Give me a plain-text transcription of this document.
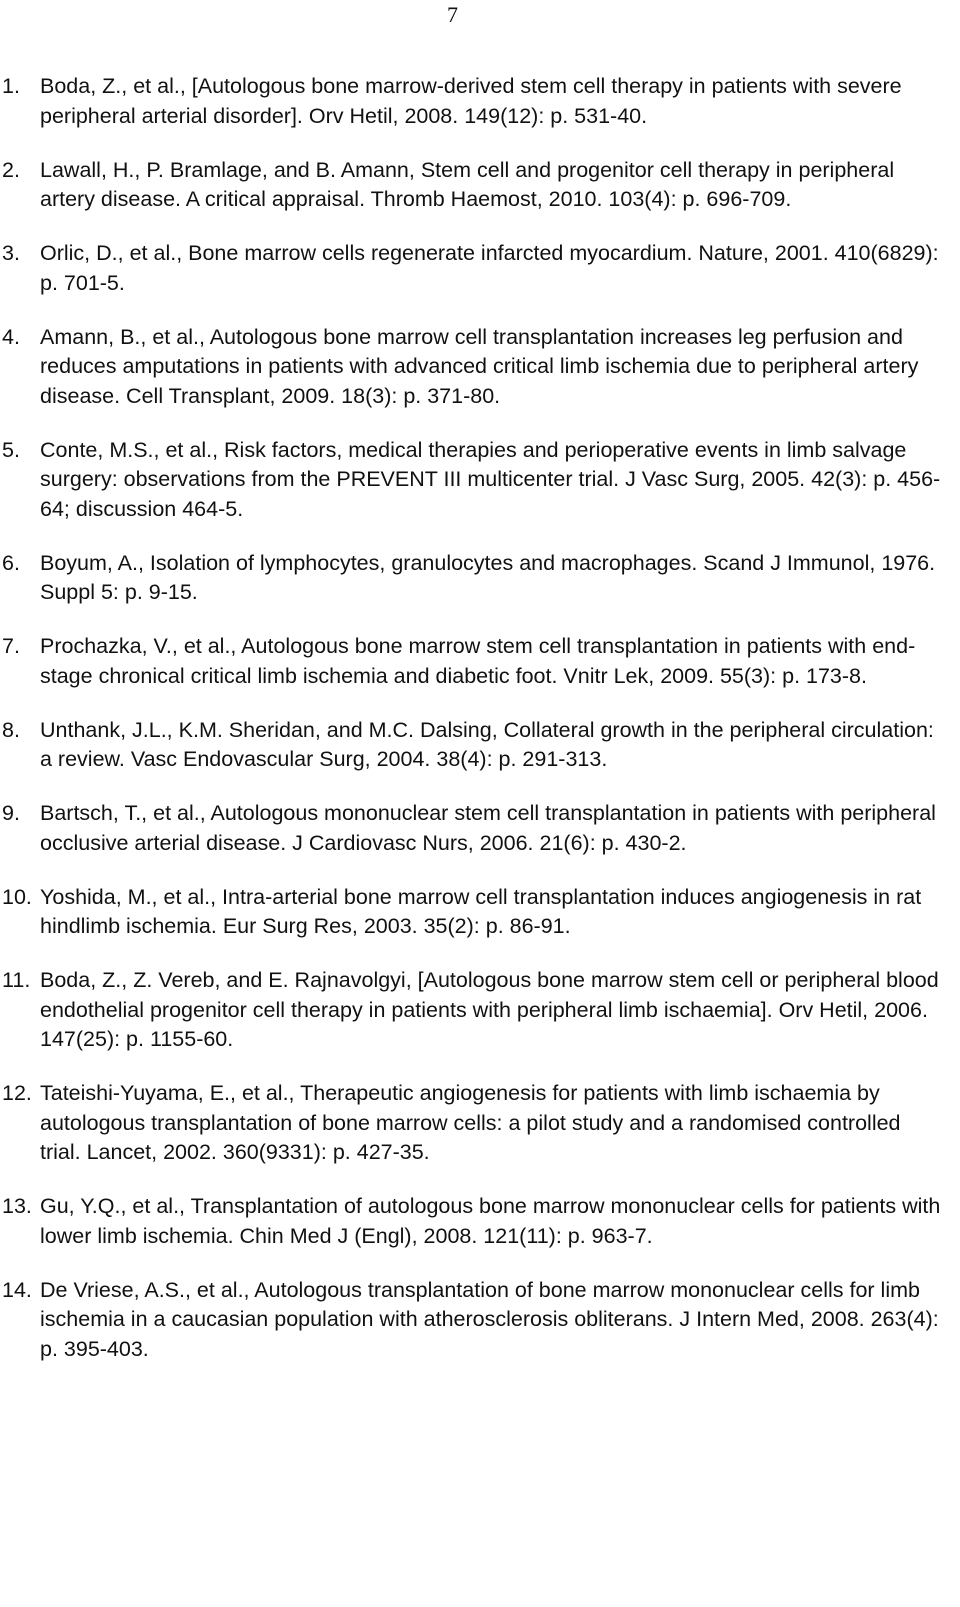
7
1. Boda, Z., et al., [Autologous bone marrow-derived stem cell therapy in patients with severe peripheral arterial disorder]. Orv Hetil, 2008. 149(12): p. 531-40.
2. Lawall, H., P. Bramlage, and B. Amann, Stem cell and progenitor cell therapy in peripheral artery disease. A critical appraisal. Thromb Haemost, 2010. 103(4): p. 696-709.
3. Orlic, D., et al., Bone marrow cells regenerate infarcted myocardium. Nature, 2001. 410(6829): p. 701-5.
4. Amann, B., et al., Autologous bone marrow cell transplantation increases leg perfusion and reduces amputations in patients with advanced critical limb ischemia due to peripheral artery disease. Cell Transplant, 2009. 18(3): p. 371-80.
5. Conte, M.S., et al., Risk factors, medical therapies and perioperative events in limb salvage surgery: observations from the PREVENT III multicenter trial. J Vasc Surg, 2005. 42(3): p. 456-64; discussion 464-5.
6. Boyum, A., Isolation of lymphocytes, granulocytes and macrophages. Scand J Immunol, 1976. Suppl 5: p. 9-15.
7. Prochazka, V., et al., Autologous bone marrow stem cell transplantation in patients with end-stage chronical critical limb ischemia and diabetic foot. Vnitr Lek, 2009. 55(3): p. 173-8.
8. Unthank, J.L., K.M. Sheridan, and M.C. Dalsing, Collateral growth in the peripheral circulation: a review. Vasc Endovascular Surg, 2004. 38(4): p. 291-313.
9. Bartsch, T., et al., Autologous mononuclear stem cell transplantation in patients with peripheral occlusive arterial disease. J Cardiovasc Nurs, 2006. 21(6): p. 430-2.
10. Yoshida, M., et al., Intra-arterial bone marrow cell transplantation induces angiogenesis in rat hindlimb ischemia. Eur Surg Res, 2003. 35(2): p. 86-91.
11. Boda, Z., Z. Vereb, and E. Rajnavolgyi, [Autologous bone marrow stem cell or peripheral blood endothelial progenitor cell therapy in patients with peripheral limb ischaemia]. Orv Hetil, 2006. 147(25): p. 1155-60.
12. Tateishi-Yuyama, E., et al., Therapeutic angiogenesis for patients with limb ischaemia by autologous transplantation of bone marrow cells: a pilot study and a randomised controlled trial. Lancet, 2002. 360(9331): p. 427-35.
13. Gu, Y.Q., et al., Transplantation of autologous bone marrow mononuclear cells for patients with lower limb ischemia. Chin Med J (Engl), 2008. 121(11): p. 963-7.
14. De Vriese, A.S., et al., Autologous transplantation of bone marrow mononuclear cells for limb ischemia in a caucasian population with atherosclerosis obliterans. J Intern Med, 2008. 263(4): p. 395-403.
